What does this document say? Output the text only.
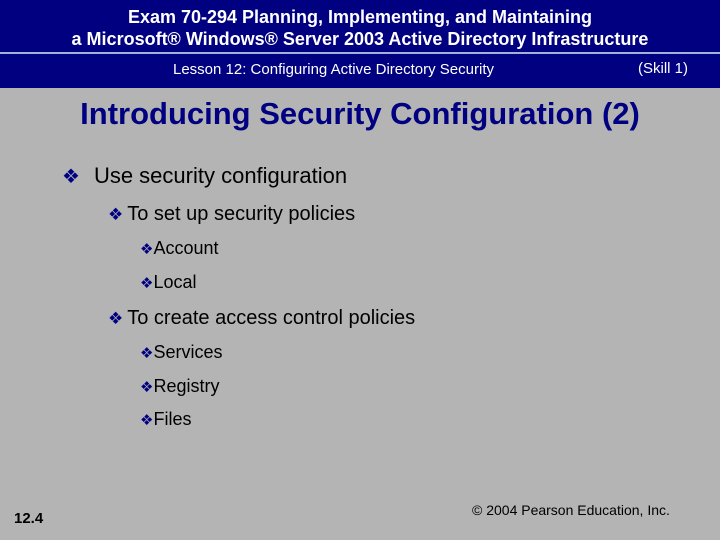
Exam 70-294 Planning, Implementing, and Maintaining
a Microsoft® Windows® Server 2003 Active Directory Infrastructure
Lesson 12: Configuring Active Directory Security	(Skill 1)
Introducing Security Configuration (2)
❖ Use security configuration
❖ To set up security policies
❖Account
❖Local
❖ To create access control policies
❖Services
❖Registry
❖Files
12.4	© 2004 Pearson Education, Inc.
